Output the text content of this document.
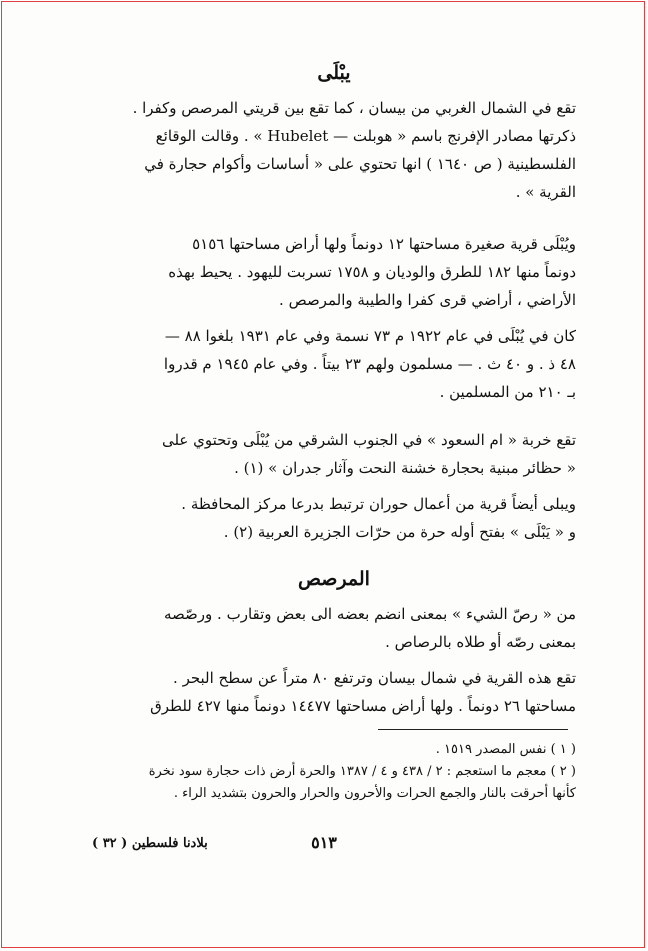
يبْلَى

تقع في الشمال الغربي من بيسان ، كما تقع بين قريتي المرصص وكفرا .

ذكرتها مصادر الإفرنج باسم « هوبلت — Hubelet » . وقالت الوقائع

الفلسطينية ( ص ١٦٤٠ ) انها تحتوي على « أساسات وأكوام حجارة في

القرية » .

ويُبْلَى قرية صغيرة مساحتها ١٢ دونماً ولها أراض مساحتها ٥١٥٦

دونماً منها ١٨٢ للطرق والوديان و ١٧٥٨ تسربت لليهود . يحيط بهذه

الأراضي ، أراضي قرى كفرا والطيبة والمرصص .

كان في يُبْلَى في عام ١٩٢٢ م ٧٣ نسمة وفي عام ١٩٣١ بلغوا ٨٨ —

٤٨ ذ . و ٤٠ ث . — مسلمون ولهم ٢٣ بيتاً . وفي عام ١٩٤٥ م قدروا

بـ ٢١٠ من المسلمين .

تقع خربة « ام السعود » في الجنوب الشرقي من يُبْلَى وتحتوي على

« حظائر مبنية بحجارة خشنة النحت وآثار جدران » (١) .

ويبلى أيضاً قرية من أعمال حوران ترتبط بدرعا مركز المحافظة .

و « يَبْلَى » بفتح أوله حرة من حرّات الجزيرة العربية (٢) .

المرصص

من « رصّ الشيء » بمعنى انضم بعضه الى بعض وتقارب . ورصّصه

بمعنى رصّه أو طلاه بالرصاص .

تقع هذه القرية في شمال بيسان وترتفع ٨٠ متراً عن سطح البحر .

مساحتها ٢٦ دونماً . ولها أراض مساحتها ١٤٤٧٧ دونماً منها ٤٢٧ للطرق

( ١ ) نفس المصدر ١٥١٩ .
( ٢ ) معجم ما استعجم : ٢ / ٤٣٨ و ٤ / ١٣٨٧ والحرة أرض ذات حجارة سود نخرة
كأنها أحرقت بالنار والجمع الحرات والأحرون والحرار والحرون بتشديد الراء .
٥١٣
بلادنا فلسطين ( ٣٢ )
